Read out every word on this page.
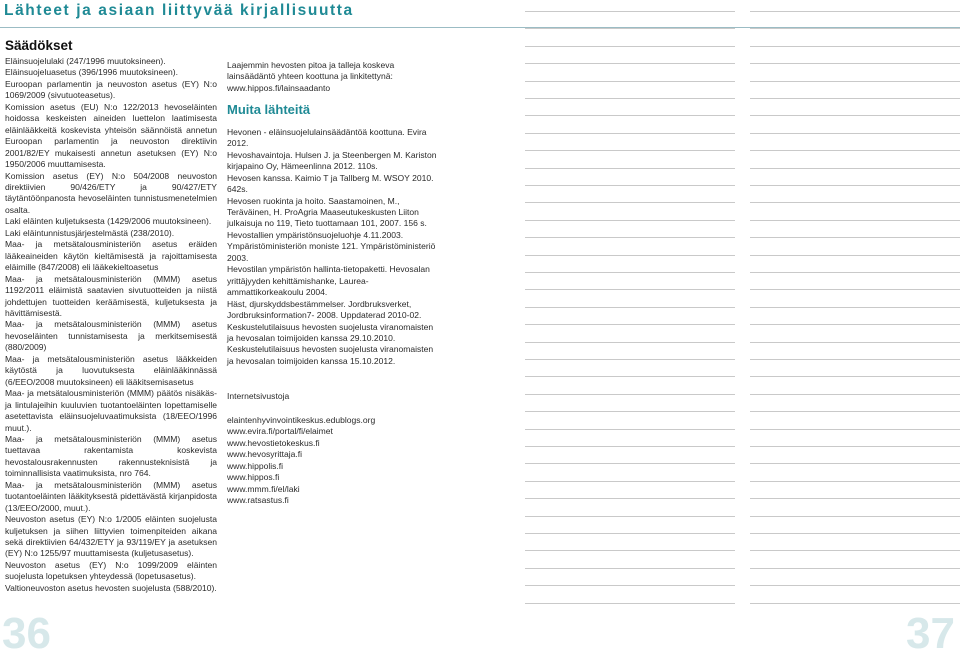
Lähteet ja asiaan liittyvää kirjallisuutta
Säädökset

Eläinsuojelulaki (247/1996 muutoksineen).

Eläinsuojeluasetus (396/1996 muutoksineen).

Euroopan parlamentin ja neuvoston asetus (EY) N:o 1069/2009 (sivutuoteasetus).

Komission asetus (EU) N:o 122/2013 hevoseläinten hoidossa keskeisten aineiden luettelon laatimisesta eläinlääkkeitä koskevista yhteisön säännöistä annetun Euroopan parlamentin ja neuvoston direktiivin 2001/82/EY mukaisesti annetun asetuksen (EY) N:o 1950/2006 muuttamisesta.

Komission asetus (EY) N:o 504/2008 neuvoston direktiivien 90/426/ETY ja 90/427/ETY täytäntöönpanosta hevoseläinten tunnistusmenetelmien osalta.

Laki eläinten kuljetuksesta (1429/2006 muutoksineen).

Laki eläintunnistusjärjestelmästä (238/2010).

Maa- ja metsätalousministeriön asetus eräiden lääkeaineiden käytön kieltämisestä ja rajoittamisesta eläimille (847/2008) eli lääkekieltoasetus

Maa- ja metsätalousministeriön (MMM) asetus 1192/2011 eläimistä saatavien sivutuotteiden ja niistä johdettujen tuotteiden keräämisestä, kuljetuksesta ja hävittämisestä.

Maa- ja metsätalousministeriön (MMM) asetus hevoseläinten tunnistamisesta ja merkitsemisestä (880/2009)

Maa- ja metsätalousministeriön asetus lääkkeiden käytöstä ja luovutuksesta eläinlääkinnässä (6/EEO/2008 muutoksineen) eli lääkitsemisasetus

Maa- ja metsätalousministeriön (MMM) päätös nisäkäs- ja lintulajeihin kuuluvien tuotantoeläinten lopettamiselle asetettavista eläinsuojeluvaatimuksista (18/EEO/1996 muut.).

Maa- ja metsätalousministeriön (MMM) asetus tuettavaa rakentamista koskevista hevostalousrakennusten rakennusteknisistä ja toiminnallisista vaatimuksista, nro 764.

Maa- ja metsätalousministeriön (MMM) asetus tuotantoeläinten lääkityksestä pidettävästä kirjanpidosta (13/EEO/2000, muut.).

Neuvoston asetus (EY) N:o 1/2005 eläinten suojelusta kuljetuksen ja siihen liittyvien toimenpiteiden aikana sekä direktiivien 64/432/ETY ja 93/119/EY ja asetuksen (EY) N:o 1255/97 muuttamisesta (kuljetusasetus).

Neuvoston asetus (EY) N:o 1099/2009 eläinten suojelusta lopetuksen yhteydessä (lopetusasetus).

Valtioneuvoston asetus hevosten suojelusta (588/2010).

Laajemmin hevosten pitoa ja talleja koskeva lainsäädäntö yhteen koottuna ja linkitettynä: www.hippos.fi/lainsaadanto

Muita lähteitä

Hevonen - eläinsuojelulainsäädäntöä koottuna. Evira 2012.

Hevoshavaintoja. Hulsen J. ja Steenbergen M. Kariston kirjapaino Oy, Hämeenlinna 2012. 110s.

Hevosen kanssa. Kaimio T ja Tallberg M. WSOY 2010. 642s.

Hevosen ruokinta ja hoito. Saastamoinen, M., Teräväinen, H. ProAgria Maaseutukeskusten Liiton julkaisuja no 119, Tieto tuottamaan 101, 2007. 156 s.

Hevostallien ympäristönsuojeluohje 4.11.2003. Ympäristöministeriön moniste 121. Ympäristöministeriö 2003.

Hevostilan ympäristön hallinta-tietopaketti. Hevosalan yrittäjyyden kehittämishanke, Laurea-ammattikorkeakoulu 2004.

Häst, djurskyddsbestämmelser. Jordbruksverket, Jordbruksinformation7- 2008. Uppdaterad 2010-02.

Keskustelutilaisuus hevosten suojelusta viranomaisten ja hevosalan toimijoiden kanssa 29.10.2010.

Keskustelutilaisuus hevosten suojelusta viranomaisten ja hevosalan toimijoiden kanssa 15.10.2012.

Internetsivustoja

elaintenhyvinvointikeskus.edublogs.org

www.evira.fi/portal/fi/elaimet

www.hevostietokeskus.fi

www.hevosyrittaja.fi

www.hippolis.fi

www.hippos.fi

www.mmm.fi/el/laki

www.ratsastus.fi

36	37
